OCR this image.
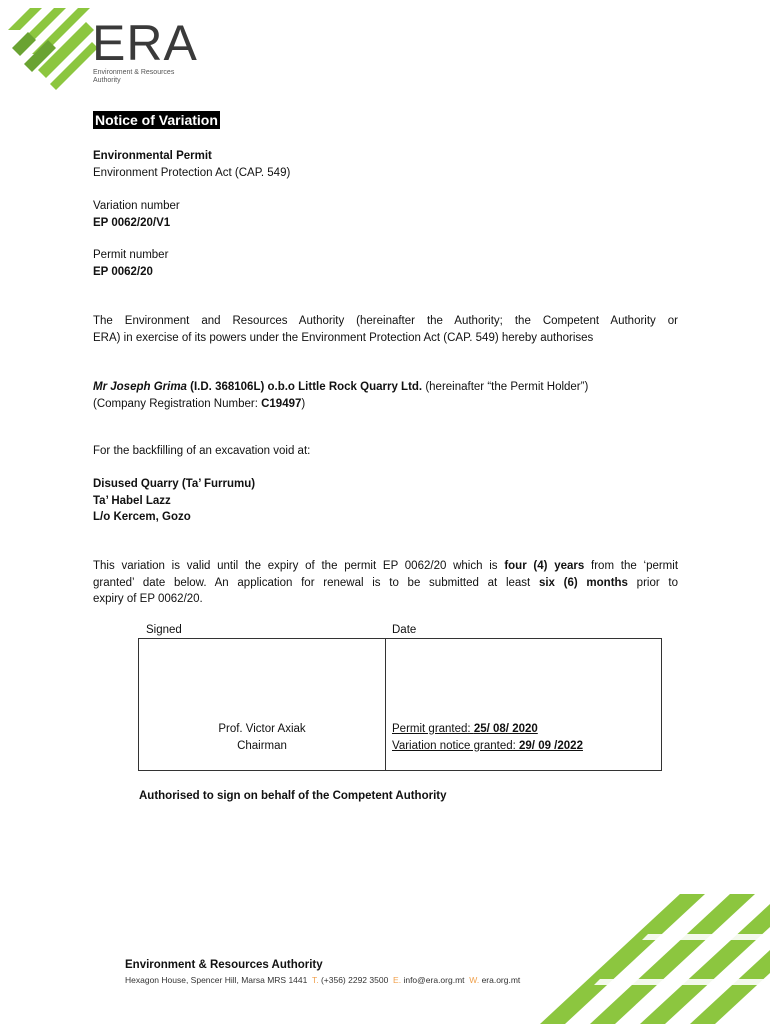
ERA
Environment & Resources
Authority
Notice of Variation
Environmental Permit
Environment Protection Act (CAP. 549)
Variation number
EP 0062/20/V1
Permit number
EP 0062/20
The Environment and Resources Authority (hereinafter the Authority; the Competent Authority or
ERA) in exercise of its powers under the Environment Protection Act (CAP. 549) hereby authorises
Mr Joseph Grima (I.D. 368106L) o.b.o Little Rock Quarry Ltd. (hereinafter “the Permit Holder”)
(Company Registration Number: C19497)
For the backfilling of an excavation void at:
Disused Quarry (Ta’ Furrumu)
Ta’ Habel Lazz
L/o Kercem, Gozo
This variation is valid until the expiry of the permit EP 0062/20 which is four (4) years from the ‘permit
granted’ date below. An application for renewal is to be submitted at least six (6) months prior to
expiry of EP 0062/20.
Signed	Date
Prof. Victor Axiak
Chairman

Permit granted: 25/ 08/ 2020
Variation notice granted: 29/ 09 /2022
Authorised to sign on behalf of the Competent Authority
Environment & Resources Authority
Hexagon House, Spencer Hill, Marsa MRS 1441 T. (+356) 2292 3500 E. info@era.org.mt W. era.org.mt
